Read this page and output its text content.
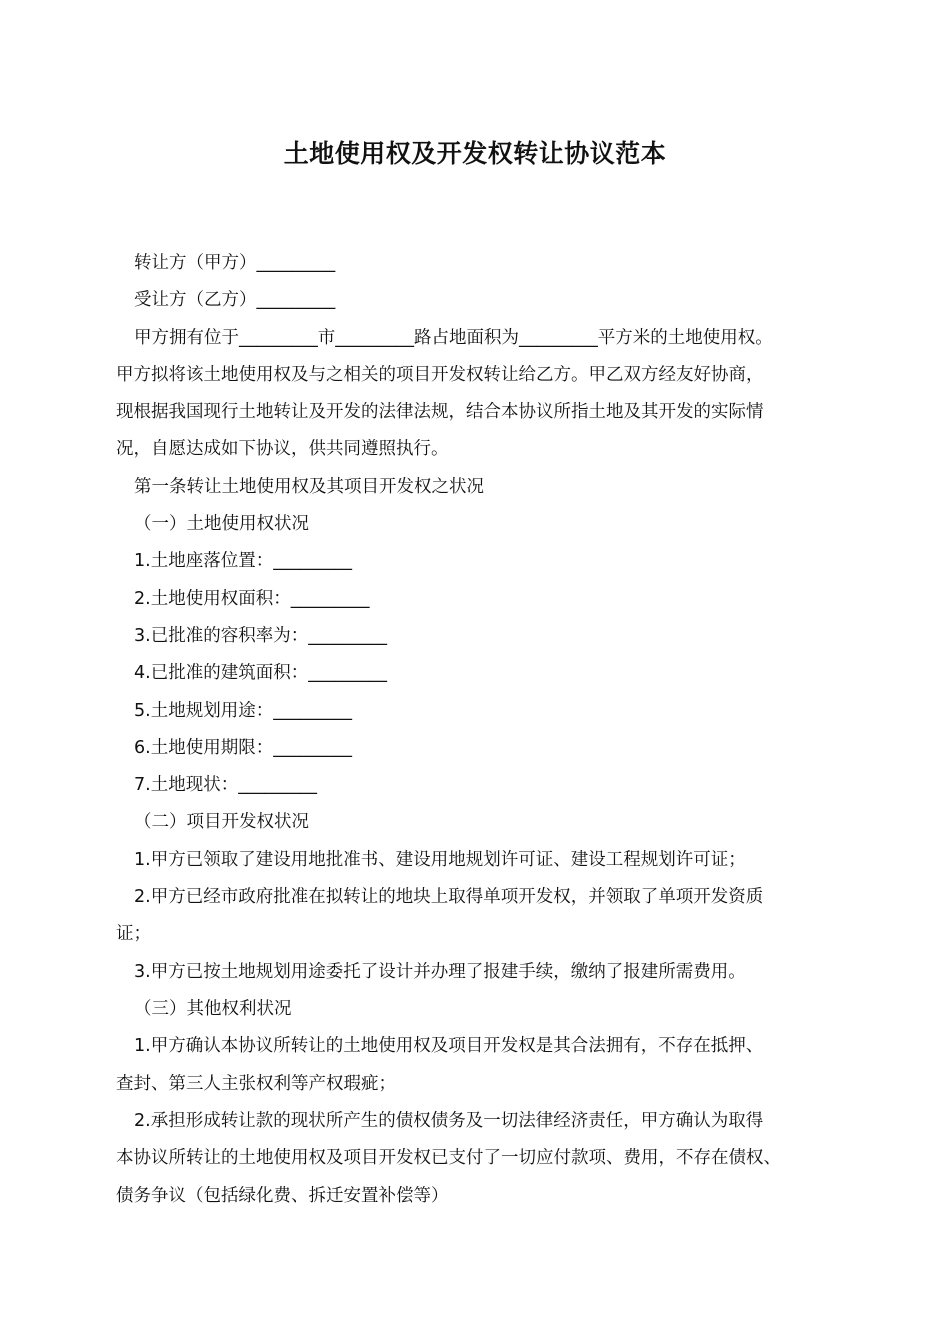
土地使用权及开发权转让协议范本
转让方（甲方）_________
受让方（乙方）_________
甲方拥有位于_________市_________路占地面积为_________平方米的土地使用权。
甲方拟将该土地使用权及与之相关的项目开发权转让给乙方。甲乙双方经友好协商，
现根据我国现行土地转让及开发的法律法规，结合本协议所指土地及其开发的实际情
况，自愿达成如下协议，供共同遵照执行。
第一条转让土地使用权及其项目开发权之状况
（一）土地使用权状况
1.土地座落位置：_________
2.土地使用权面积：_________
3.已批准的容积率为：_________
4.已批准的建筑面积：_________
5.土地规划用途：_________
6.土地使用期限：_________
7.土地现状：_________
（二）项目开发权状况
1.甲方已领取了建设用地批准书、建设用地规划许可证、建设工程规划许可证；
2.甲方已经市政府批准在拟转让的地块上取得单项开发权，并领取了单项开发资质
证；
3.甲方已按土地规划用途委托了设计并办理了报建手续，缴纳了报建所需费用。
（三）其他权利状况
1.甲方确认本协议所转让的土地使用权及项目开发权是其合法拥有，不存在抵押、
查封、第三人主张权利等产权瑕疵；
2.承担形成转让款的现状所产生的债权债务及一切法律经济责任，甲方确认为取得
本协议所转让的土地使用权及项目开发权已支付了一切应付款项、费用，不存在债权、
债务争议（包括绿化费、拆迁安置补偿等）
